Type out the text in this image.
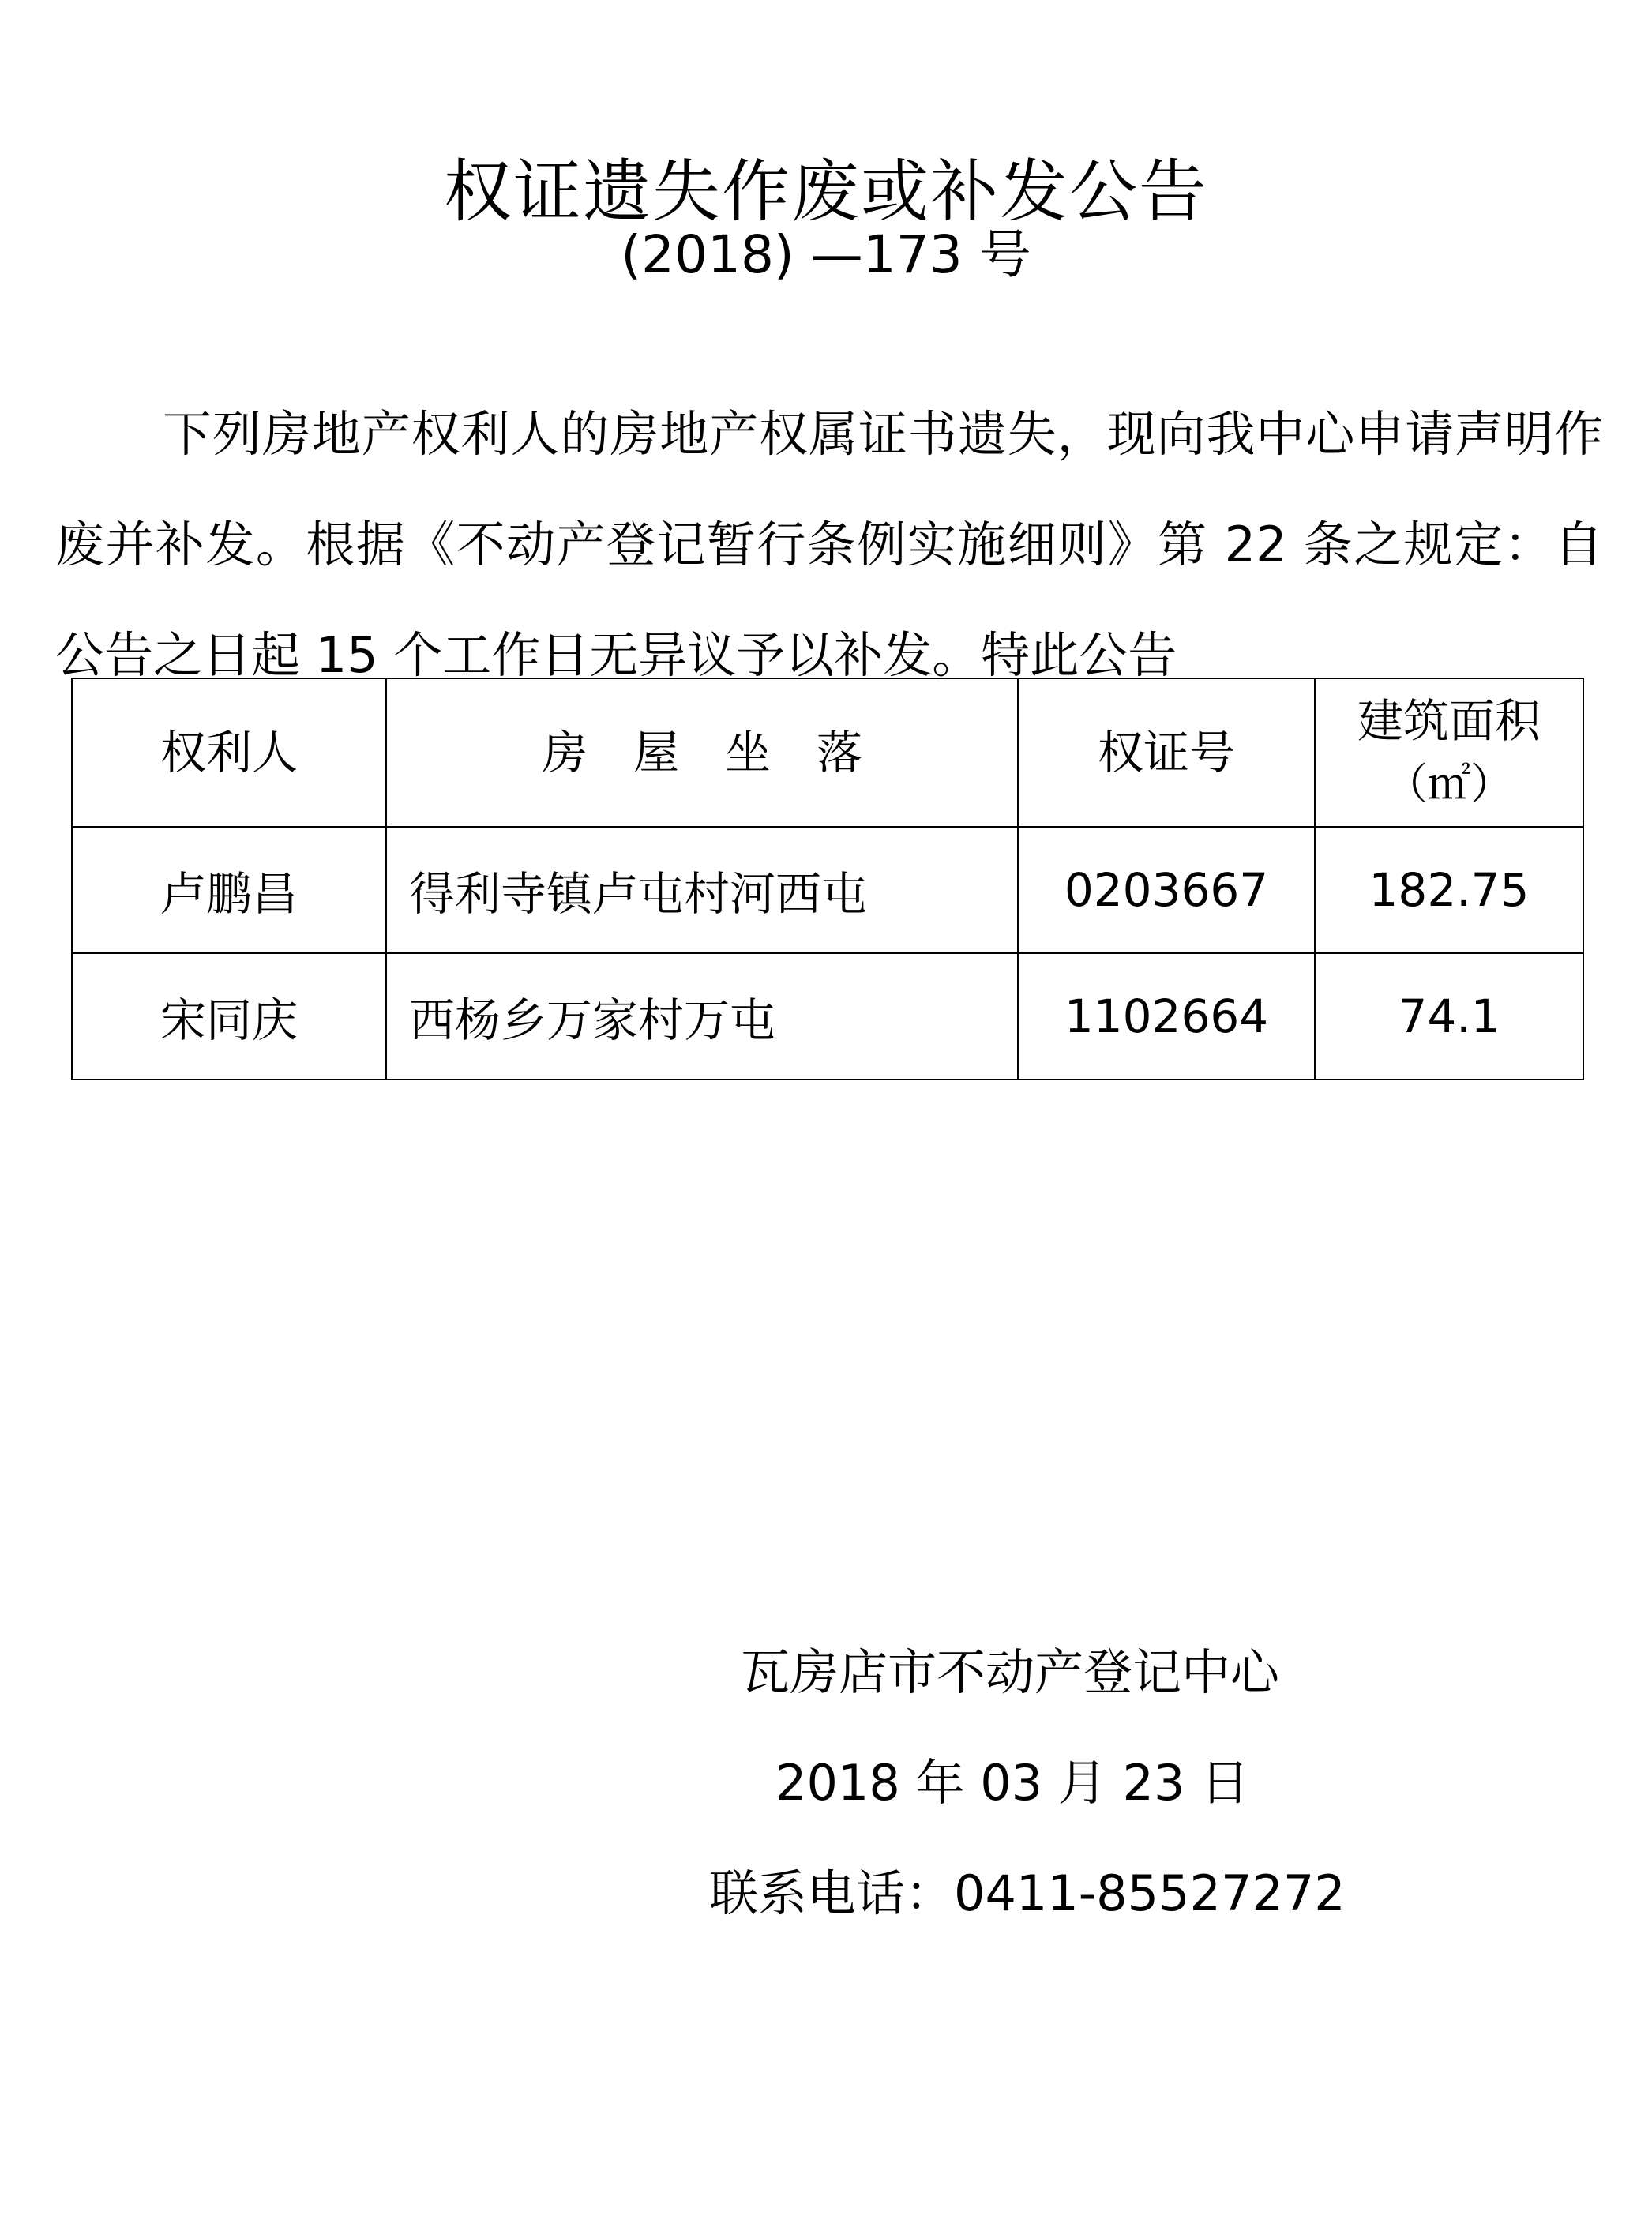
权证遗失作废或补发公告
(2018) —173 号

下列房地产权利人的房地产权属证书遗失，现向我中心申请声明作废并补发。根据《不动产登记暂行条例实施细则》第 22 条之规定：自公告之日起 15 个工作日无异议予以补发。特此公告

权利人	房　屋　坐　落	权证号	建筑面积
（㎡）

卢鹏昌	得利寺镇卢屯村河西屯	0203667	182.75
宋同庆	西杨乡万家村万屯	1102664	74.1
瓦房店市不动产登记中心
2018 年 03 月 23 日
联系电话：0411-85527272
